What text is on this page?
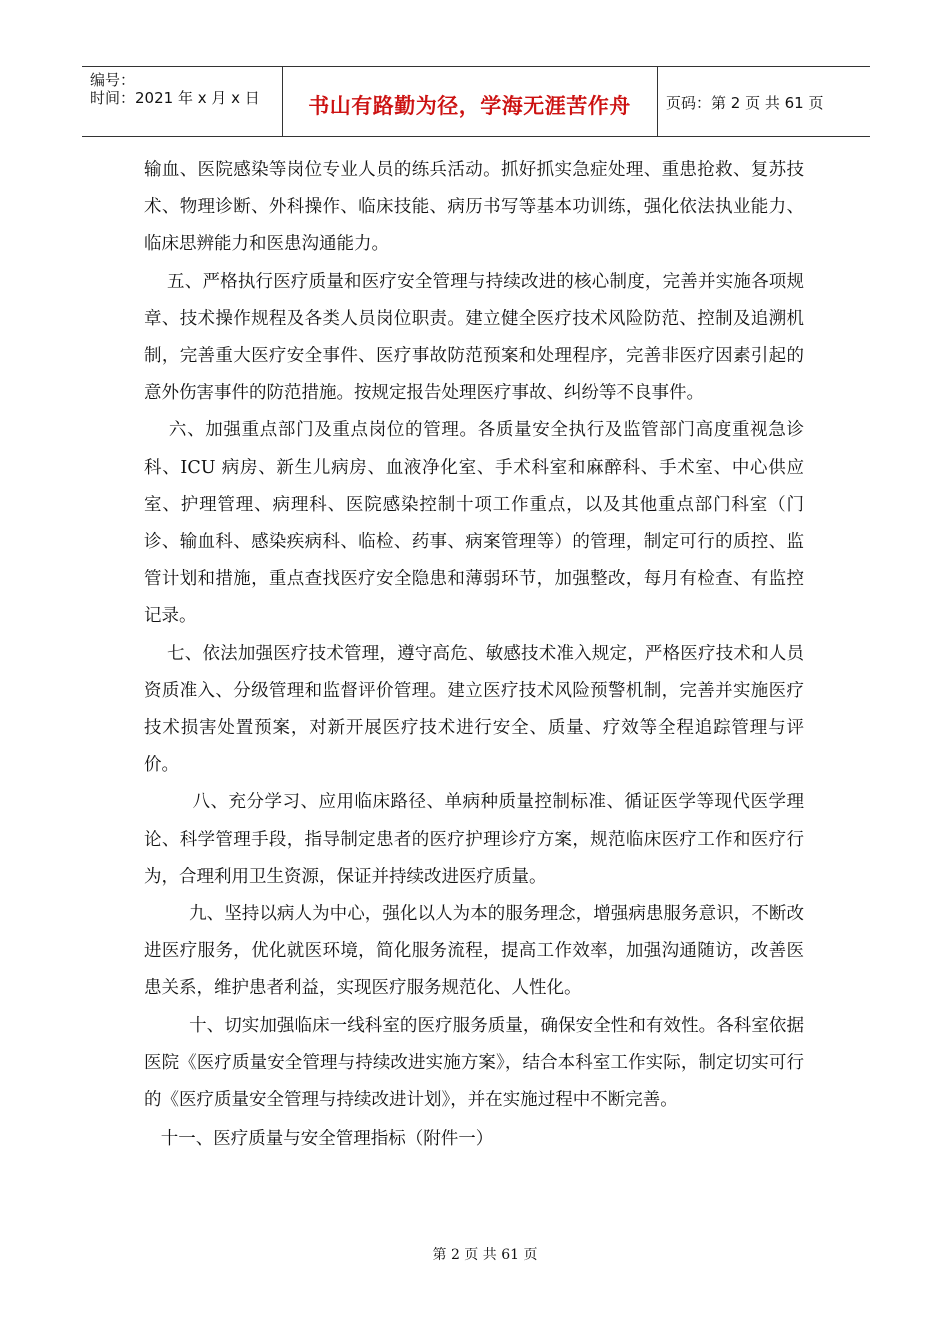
编号：
时间：2021 年 x 月 x 日	书山有路勤为径，学海无涯苦作舟	页码：第 2 页 共 61 页

输血、医院感染等岗位专业人员的练兵活动。抓好抓实急症处理、重患抢救、复苏技术、物理诊断、外科操作、临床技能、病历书写等基本功训练，强化依法执业能力、临床思辨能力和医患沟通能力。

五、严格执行医疗质量和医疗安全管理与持续改进的核心制度，完善并实施各项规章、技术操作规程及各类人员岗位职责。建立健全医疗技术风险防范、控制及追溯机制，完善重大医疗安全事件、医疗事故防范预案和处理程序，完善非医疗因素引起的意外伤害事件的防范措施。按规定报告处理医疗事故、纠纷等不良事件。

六、加强重点部门及重点岗位的管理。各质量安全执行及监管部门高度重视急诊科、ICU 病房、新生儿病房、血液净化室、手术科室和麻醉科、手术室、中心供应室、护理管理、病理科、医院感染控制十项工作重点，以及其他重点部门科室（门诊、输血科、感染疾病科、临检、药事、病案管理等）的管理，制定可行的质控、监管计划和措施，重点查找医疗安全隐患和薄弱环节，加强整改，每月有检查、有监控记录。

七、依法加强医疗技术管理，遵守高危、敏感技术准入规定，严格医疗技术和人员资质准入、分级管理和监督评价管理。建立医疗技术风险预警机制，完善并实施医疗技术损害处置预案，对新开展医疗技术进行安全、质量、疗效等全程追踪管理与评价。

八、充分学习、应用临床路径、单病种质量控制标准、循证医学等现代医学理论、科学管理手段，指导制定患者的医疗护理诊疗方案，规范临床医疗工作和医疗行为，合理利用卫生资源，保证并持续改进医疗质量。

九、坚持以病人为中心，强化以人为本的服务理念，增强病患服务意识，不断改进医疗服务，优化就医环境，简化服务流程，提高工作效率，加强沟通随访，改善医患关系，维护患者利益，实现医疗服务规范化、人性化。

十、切实加强临床一线科室的医疗服务质量，确保安全性和有效性。各科室依据医院《医疗质量安全管理与持续改进实施方案》，结合本科室工作实际，制定切实可行的《医疗质量安全管理与持续改进计划》，并在实施过程中不断完善。

十一、医疗质量与安全管理指标（附件一）

第 2 页 共 61 页
